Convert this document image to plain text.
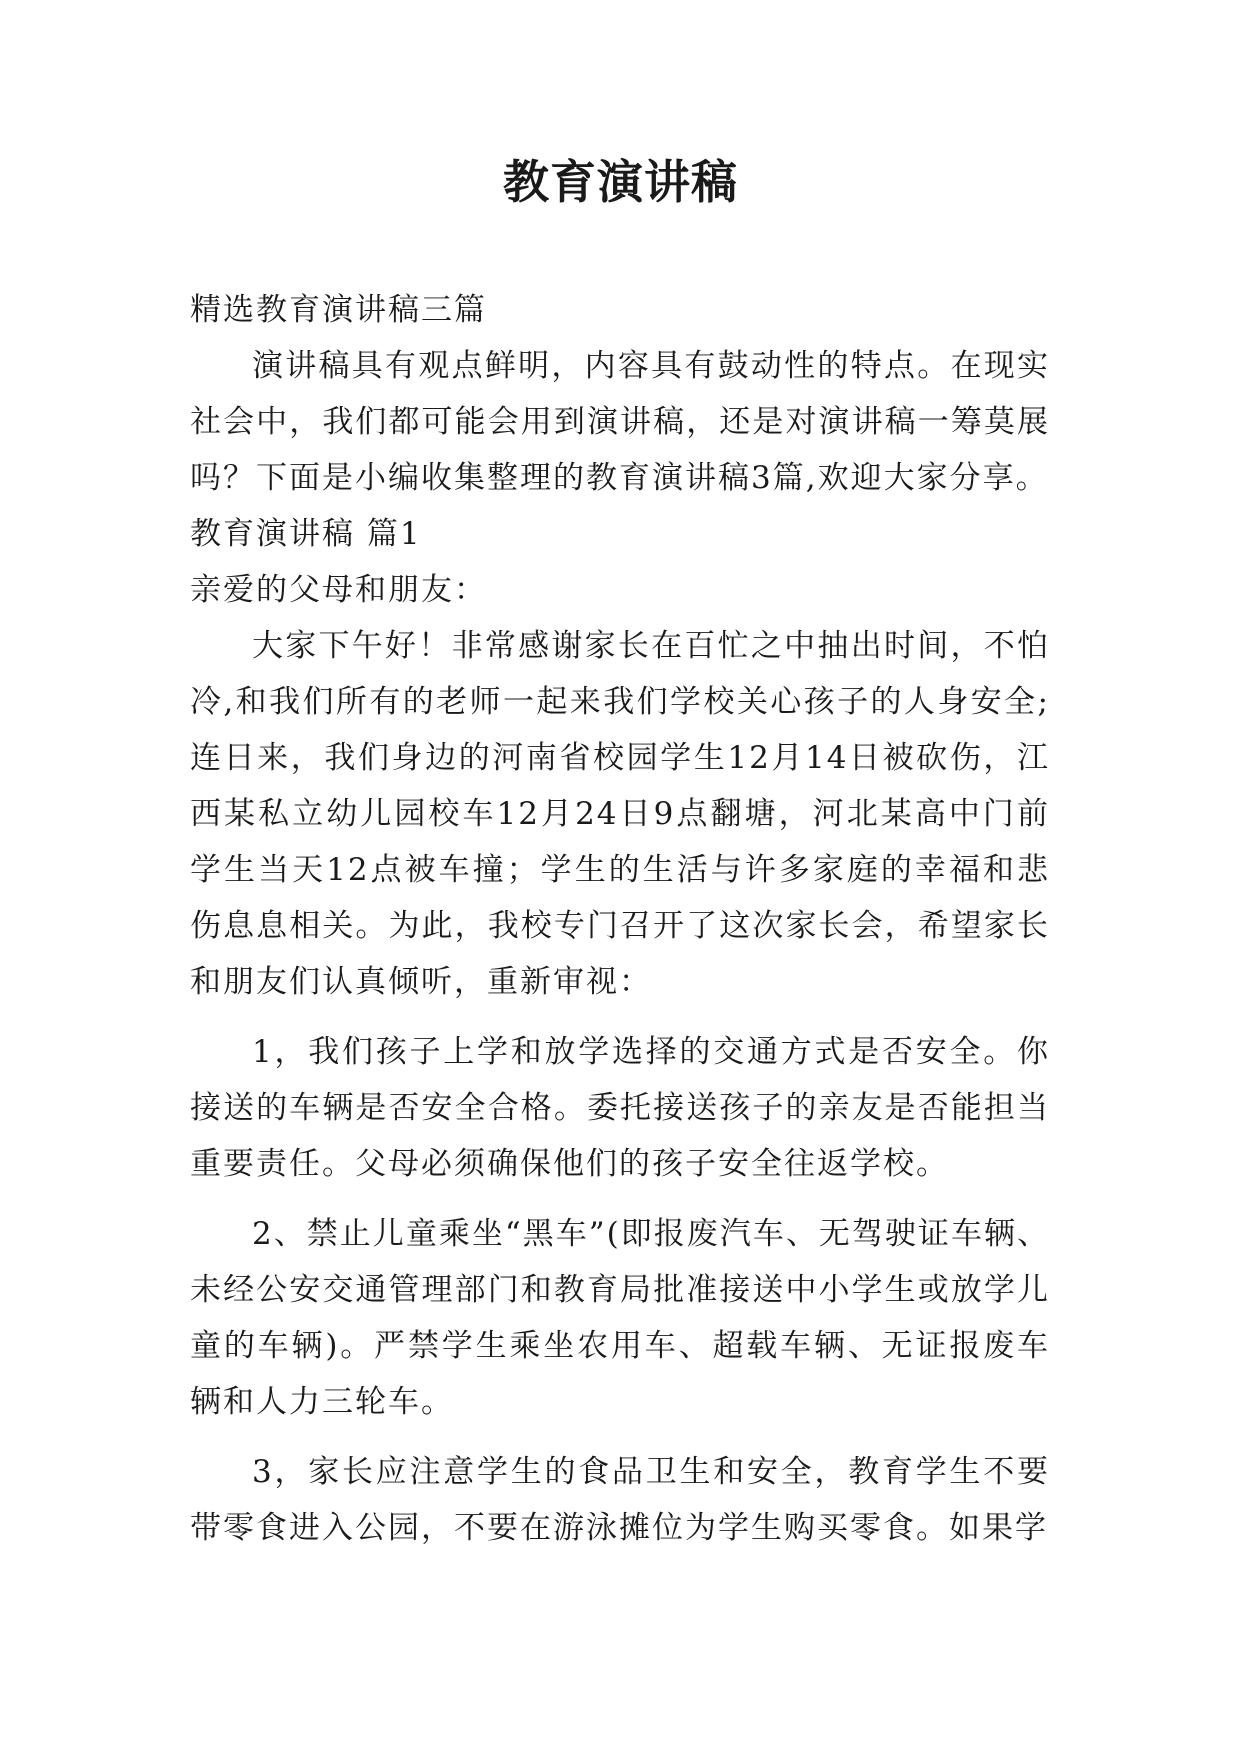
教育演讲稿

精选教育演讲稿三篇

演讲稿具有观点鲜明，内容具有鼓动性的特点。在现实社会中，我们都可能会用到演讲稿，还是对演讲稿一筹莫展吗？下面是小编收集整理的教育演讲稿3篇,欢迎大家分享。

教育演讲稿 篇1

亲爱的父母和朋友：

大家下午好！非常感谢家长在百忙之中抽出时间，不怕冷,和我们所有的老师一起来我们学校关心孩子的人身安全;连日来，我们身边的河南省校园学生12月14日被砍伤，江西某私立幼儿园校车12月24日9点翻塘，河北某高中门前学生当天12点被车撞；学生的生活与许多家庭的幸福和悲伤息息相关。为此，我校专门召开了这次家长会，希望家长和朋友们认真倾听，重新审视：

1，我们孩子上学和放学选择的交通方式是否安全。你接送的车辆是否安全合格。委托接送孩子的亲友是否能担当重要责任。父母必须确保他们的孩子安全往返学校。

2、禁止儿童乘坐“黑车”(即报废汽车、无驾驶证车辆、未经公安交通管理部门和教育局批准接送中小学生或放学儿童的车辆)。严禁学生乘坐农用车、超载车辆、无证报废车辆和人力三轮车。

3，家长应注意学生的食品卫生和安全，教育学生不要带零食进入公园，不要在游泳摊位为学生购买零食。如果学
